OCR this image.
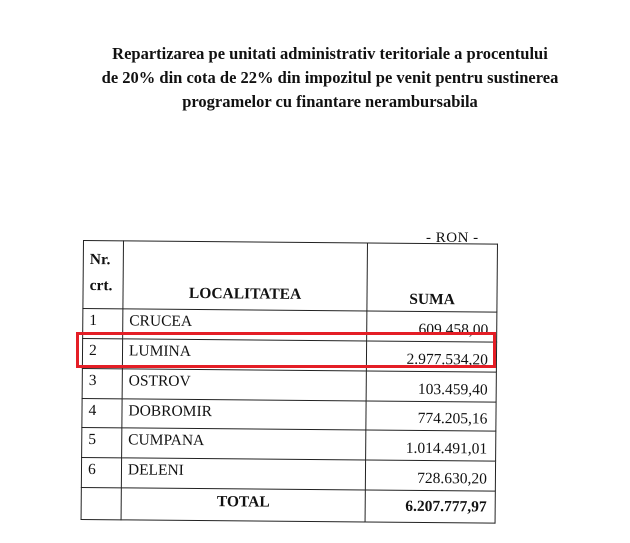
Repartizarea pe unitati administrativ teritoriale a procentului
de 20% din cota de 22% din impozitul pe venit pentru sustinerea
programelor cu finantare nerambursabila
- RON -
Nr.
crt.	LOCALITATEA	SUMA
1	CRUCEA	609.458,00
2	LUMINA	2.977.534,20
3	OSTROV	103.459,40
4	DOBROMIR	774.205,16
5	CUMPANA	1.014.491,01
6	DELENI	728.630,20
	TOTAL	6.207.777,97
